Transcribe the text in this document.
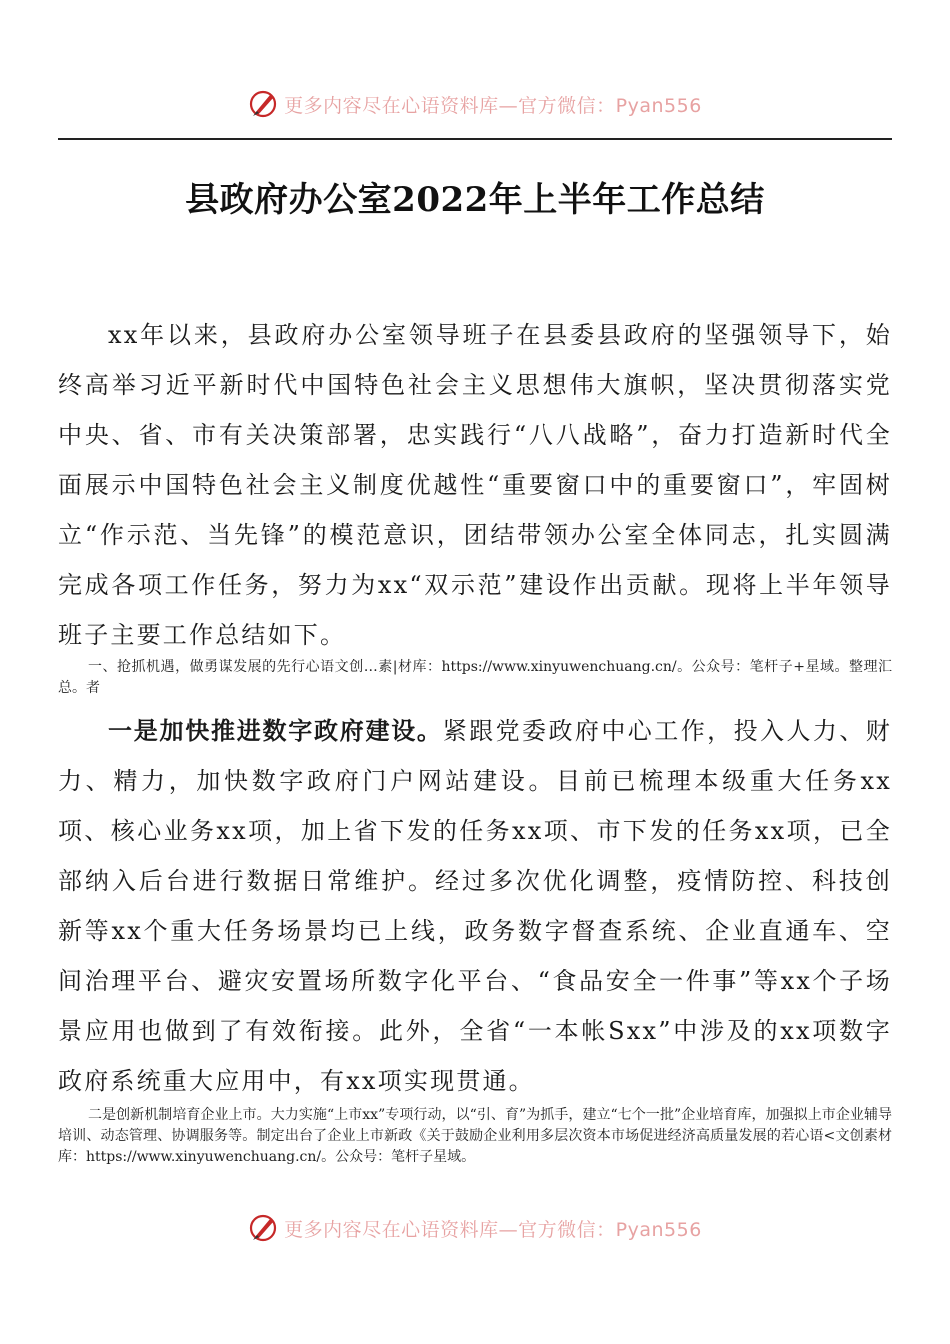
更多内容尽在心语资料库—官方微信：Pyan556
县政府办公室2022年上半年工作总结

xx年以来，县政府办公室领导班子在县委县政府的坚强领导下，始终高举习近平新时代中国特色社会主义思想伟大旗帜，坚决贯彻落实党中央、省、市有关决策部署，忠实践行“八八战略”，奋力打造新时代全面展示中国特色社会主义制度优越性“重要窗口中的重要窗口”，牢固树立“作示范、当先锋”的模范意识，团结带领办公室全体同志，扎实圆满完成各项工作任务，努力为xx“双示范”建设作出贡献。现将上半年领导班子主要工作总结如下。

一、抢抓机遇，做勇谋发展的先行心语文创…素|材库：https://www.xinyuwenchuang.cn/。公众号：笔杆子+星域。整理汇总。者

一是加快推进数字政府建设。紧跟党委政府中心工作，投入人力、财力、精力，加快数字政府门户网站建设。目前已梳理本级重大任务xx项、核心业务xx项，加上省下发的任务xx项、市下发的任务xx项，已全部纳入后台进行数据日常维护。经过多次优化调整，疫情防控、科技创新等xx个重大任务场景均已上线，政务数字督查系统、企业直通车、空间治理平台、避灾安置场所数字化平台、“食品安全一件事”等xx个子场景应用也做到了有效衔接。此外，全省“一本帐Sxx”中涉及的xx项数字政府系统重大应用中，有xx项实现贯通。

二是创新机制培育企业上市。大力实施“上市xx”专项行动，以“引、育”为抓手，建立“七个一批”企业培育库，加强拟上市企业辅导培训、动态管理、协调服务等。制定出台了企业上市新政《关于鼓励企业利用多层次资本市场促进经济高质量发展的若心语<文创素材库：https://www.xinyuwenchuang.cn/。公众号：笔杆子星域。

更多内容尽在心语资料库—官方微信：Pyan556
